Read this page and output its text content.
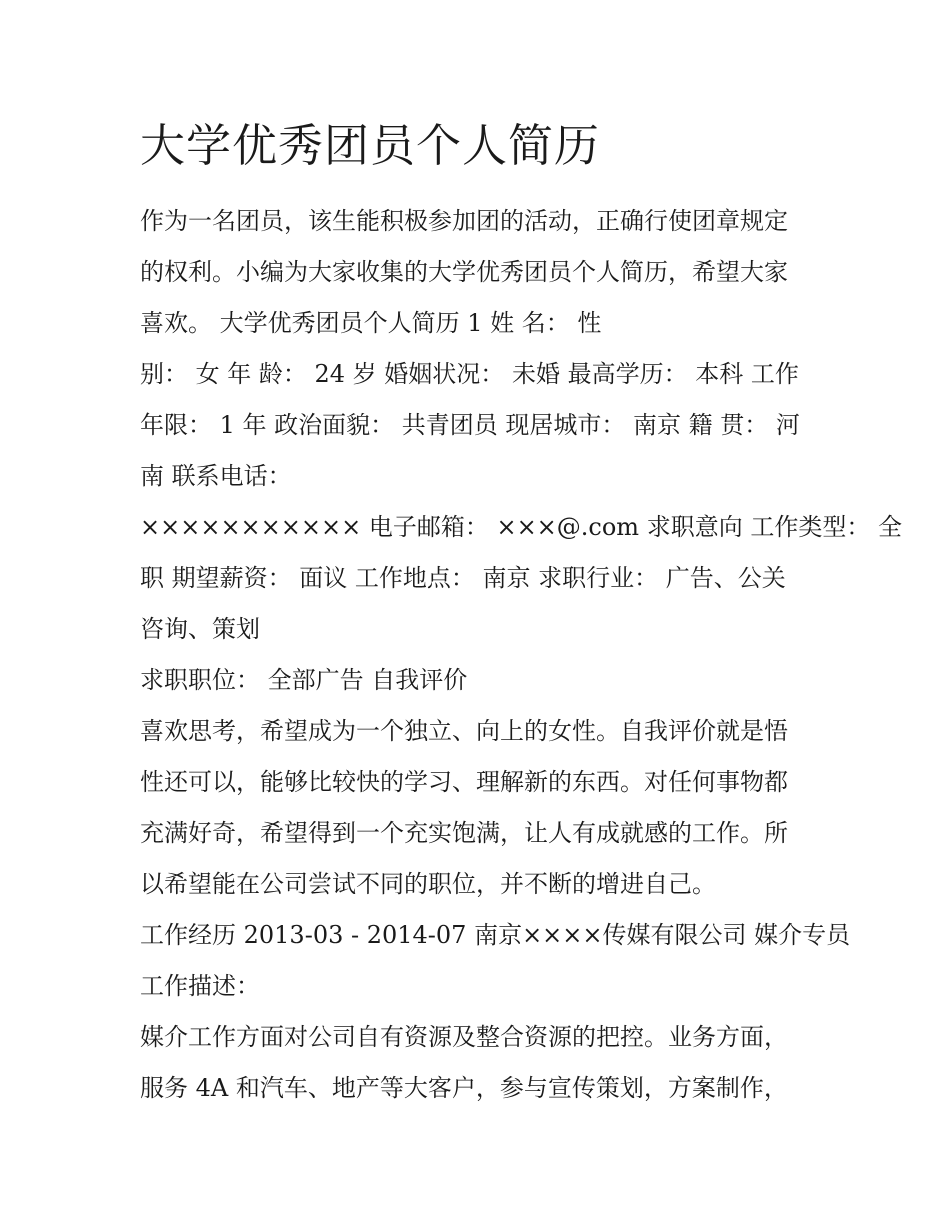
大学优秀团员个人简历

作为一名团员，该生能积极参加团的活动，正确行使团章规定

的权利。小编为大家收集的大学优秀团员个人简历，希望大家

喜欢。 大学优秀团员个人简历 1 姓 名： 性

别： 女 年 龄： 24 岁 婚姻状况： 未婚 最高学历： 本科 工作

年限： 1 年 政治面貌： 共青团员 现居城市： 南京 籍 贯： 河

南 联系电话：

××××××××××× 电子邮箱： ×××@.com 求职意向 工作类型： 全

职 期望薪资： 面议 工作地点： 南京 求职行业： 广告、公关

咨询、策划

求职职位： 全部广告 自我评价

喜欢思考，希望成为一个独立、向上的女性。自我评价就是悟

性还可以，能够比较快的学习、理解新的东西。对任何事物都

充满好奇，希望得到一个充实饱满，让人有成就感的工作。所

以希望能在公司尝试不同的职位，并不断的增进自己。

工作经历 2013-03 - 2014-07 南京××××传媒有限公司 媒介专员

工作描述：

媒介工作方面对公司自有资源及整合资源的把控。业务方面，

服务 4A 和汽车、地产等大客户，参与宣传策划，方案制作，
